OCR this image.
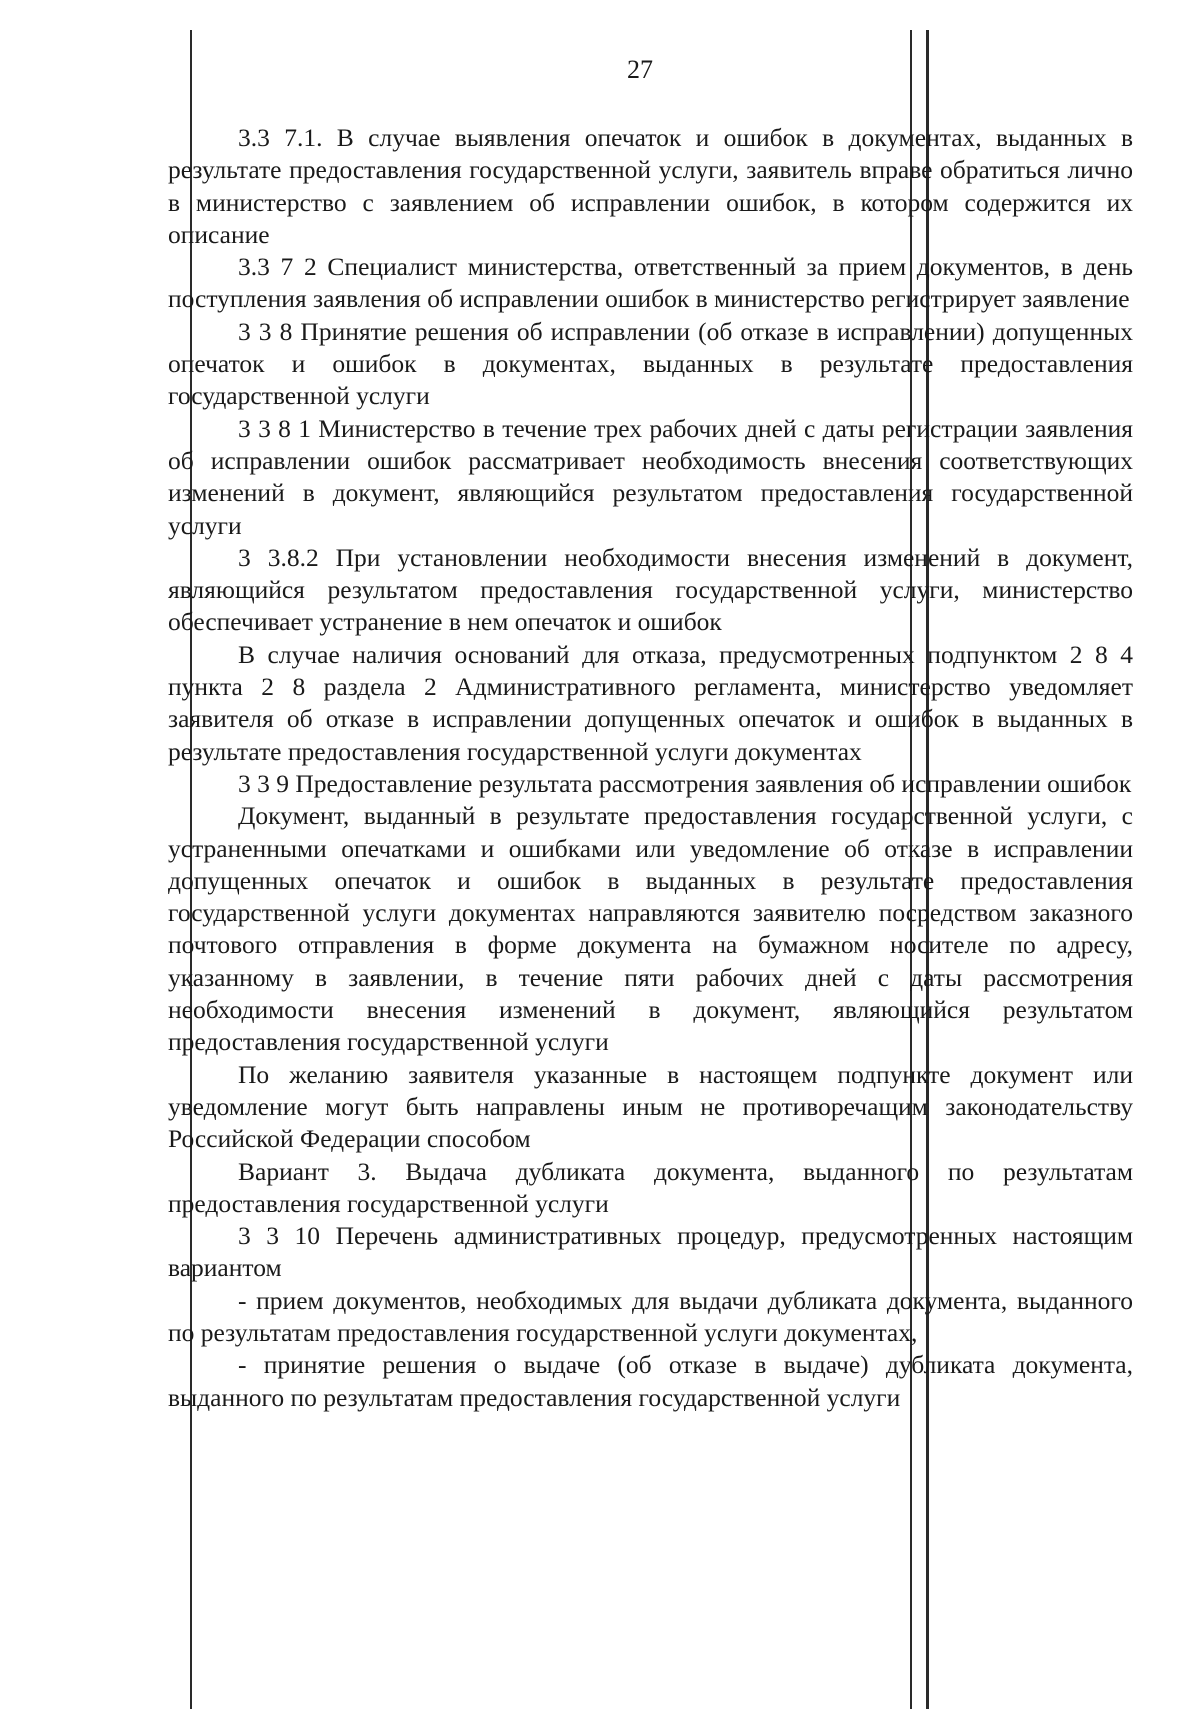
27

3.3 7.1. В случае выявления опечаток и ошибок в документах, выданных в результате предоставления государственной услуги, заявитель вправе обратиться лично в министерство с заявлением об исправлении ошибок, в котором содержится их описание

3.3 7 2 Специалист министерства, ответственный за прием документов, в день поступления заявления об исправлении ошибок в министерство регистрирует заявление

3 3 8 Принятие решения об исправлении (об отказе в исправлении) допущенных опечаток и ошибок в документах, выданных в результате предоставления государственной услуги

3 3 8 1 Министерство в течение трех рабочих дней с даты регистрации заявления об исправлении ошибок рассматривает необходимость внесения соответствующих изменений в документ, являющийся результатом предоставления государственной услуги

3 3.8.2 При установлении необходимости внесения изменений в документ, являющийся результатом предоставления государственной услуги, министерство обеспечивает устранение в нем опечаток и ошибок

В случае наличия оснований для отказа, предусмотренных подпунктом 2 8 4 пункта 2 8 раздела 2 Административного регламента, министерство уведомляет заявителя об отказе в исправлении допущенных опечаток и ошибок в выданных в результате предоставления государственной услуги документах

3 3 9 Предоставление результата рассмотрения заявления об исправлении ошибок

Документ, выданный в результате предоставления государственной услуги, с устраненными опечатками и ошибками или уведомление об отказе в исправлении допущенных опечаток и ошибок в выданных в результате предоставления государственной услуги документах направляются заявителю посредством заказного почтового отправления в форме документа на бумажном носителе по адресу, указанному в заявлении, в течение пяти рабочих дней с даты рассмотрения необходимости внесения изменений в документ, являющийся результатом предоставления государственной услуги

По желанию заявителя указанные в настоящем подпункте документ или уведомление могут быть направлены иным не противоречащим законодательству Российской Федерации способом

Вариант 3. Выдача дубликата документа, выданного по результатам предоставления государственной услуги

3 3 10 Перечень административных процедур, предусмотренных настоящим вариантом

- прием документов, необходимых для выдачи дубликата документа, выданного по результатам предоставления государственной услуги документах,

- принятие решения о выдаче (об отказе в выдаче) дубликата документа, выданного по результатам предоставления государственной услуги
